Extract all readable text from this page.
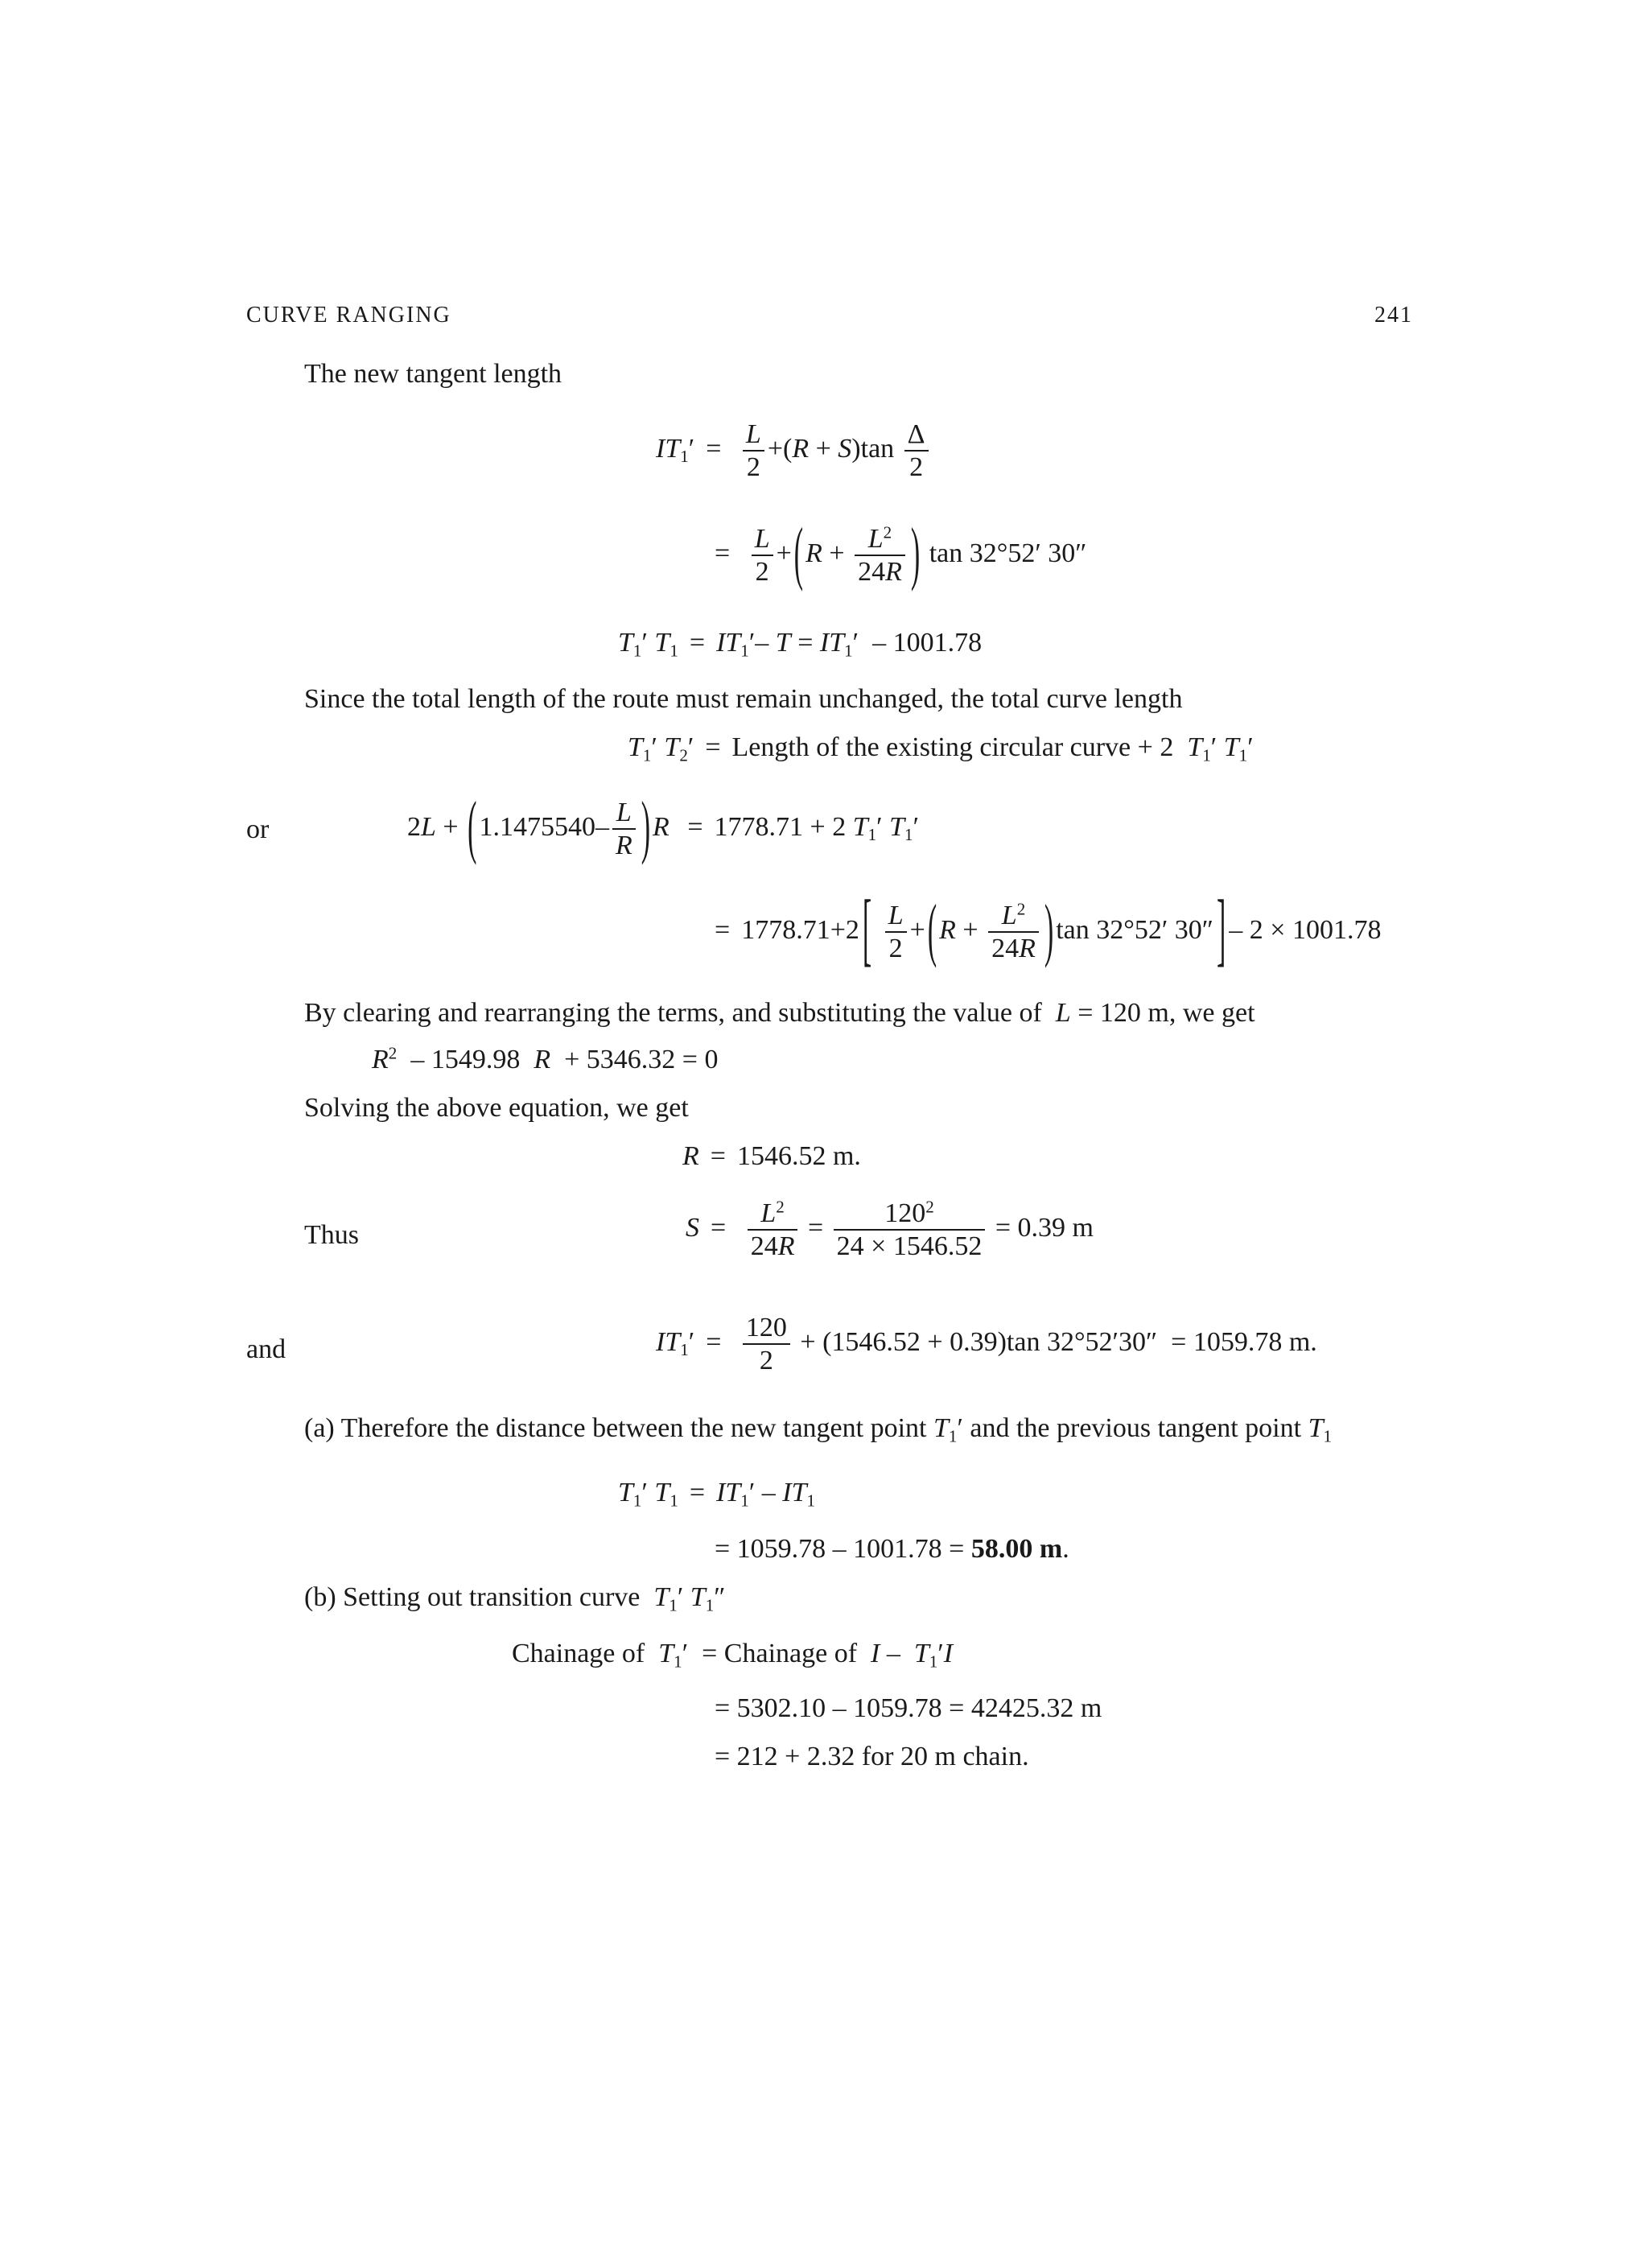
CURVE RANGING	241
The new tangent length
$IT_1' = \frac{L}{2} +(R + S)\tan \frac{\Delta}{2}$
= $\frac{L}{2} +(R + \frac{L^2}{24R}$ ) tan 32°52′ 30″
$T_1'$ $T_1 = IT_1'-$ $T = IT_1' - 1001.78$
Since the total length of the route must remain unchanged, the total curve length
$T_1'$ $T_2'$ = Length of the existing circular curve + 2 $T_1'$ $T_1'$
or	$2L + (1.1475540- \frac{L}{R} )R = 1778.71 + 2$ $T_1'$ $T_1'$
= 1778.71+2 [ $\frac{L}{2} +(R + \frac{L^2}{24R} )\tan$ 32°52′ 30″ ] – 2 × 1001.78
By clearing and rearranging the terms, and substituting the value of L = 120 m, we get
$R^2 - 1549.98$ R + 5346.32 = 0
Solving the above equation, we get
R = 1546.52 m.
Thus	$S = \frac{L^2}{24R} = \frac{120^2}{24 \times 1546.52} = 0.39$ m
and	$IT_1' = \frac{120}{2} + (1546.52 + 0.39)\tan$ 32°52′30″ = 1059.78 m.
(a) Therefore the distance between the new tangent point $T_1'$ and the previous tangent point $T_1$
$T_1'$ $T_1 = IT_1' - IT_1$
= 1059.78 – 1001.78 = 58.00 m.
(b) Setting out transition curve $T_1'$ $T_1''$
Chainage of $T_1'$  = Chainage of I –  $T_1'I$
= 5302.10 – 1059.78 = 42425.32 m
= 212 + 2.32 for 20 m chain.
